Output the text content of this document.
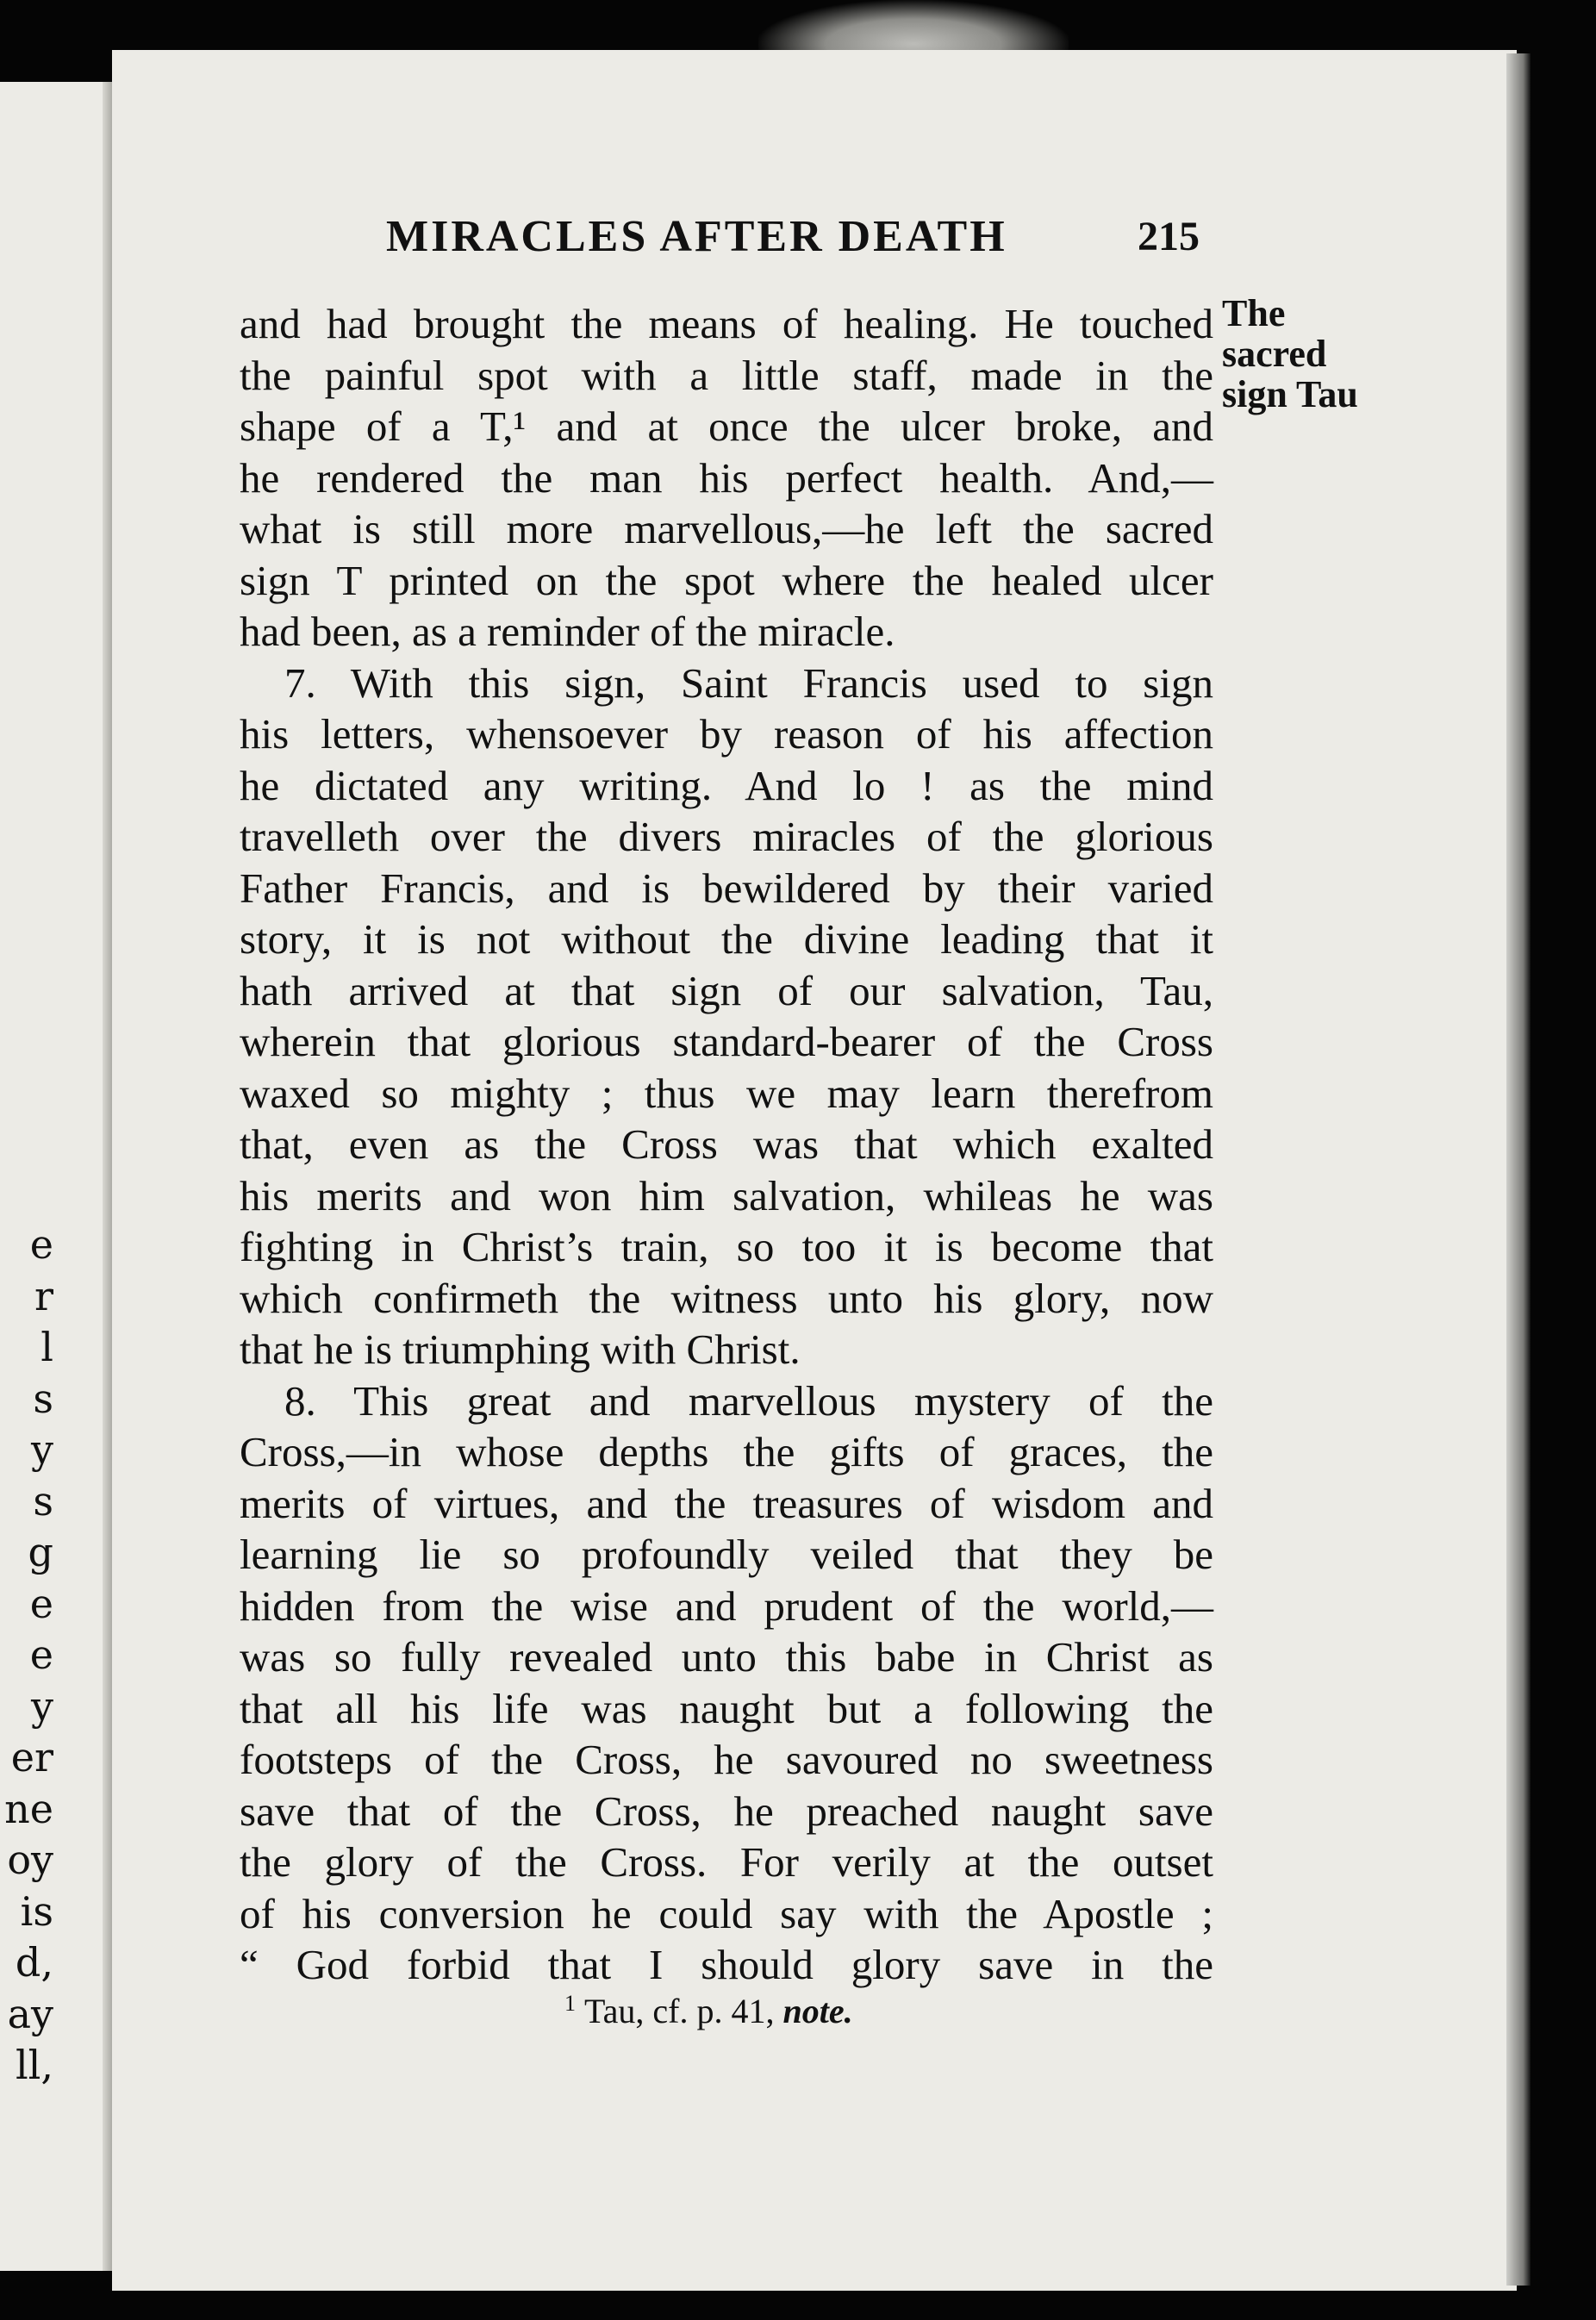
e
r
l
s
y
s
g
e
e
y
er
ne
oy
is
d,
ay
ll,
MIRACLES AFTER DEATH	215
The
sacred
sign Tau
and had brought the means of healing. He touched
the painful spot with a little staff, made in the
shape of a T,¹ and at once the ulcer broke, and
he rendered the man his perfect health. And,—
what is still more marvellous,—he left the sacred
sign T printed on the spot where the healed ulcer
had been, as a reminder of the miracle.
7. With this sign, Saint Francis used to sign
his letters, whensoever by reason of his affection
he dictated any writing. And lo ! as the mind
travelleth over the divers miracles of the glorious
Father Francis, and is bewildered by their varied
story, it is not without the divine leading that it
hath arrived at that sign of our salvation, Tau,
wherein that glorious standard-bearer of the Cross
waxed so mighty ; thus we may learn therefrom
that, even as the Cross was that which exalted
his merits and won him salvation, whileas he was
fighting in Christ’s train, so too it is become that
which confirmeth the witness unto his glory, now
that he is triumphing with Christ.
8. This great and marvellous mystery of the
Cross,—in whose depths the gifts of graces, the
merits of virtues, and the treasures of wisdom and
learning lie so profoundly veiled that they be
hidden from the wise and prudent of the world,—
was so fully revealed unto this babe in Christ as
that all his life was naught but a following the
footsteps of the Cross, he savoured no sweetness
save that of the Cross, he preached naught save
the glory of the Cross. For verily at the outset
of his conversion he could say with the Apostle ;
“ God forbid that I should glory save in the
$^1$ Tau, cf. p. 41, note.
